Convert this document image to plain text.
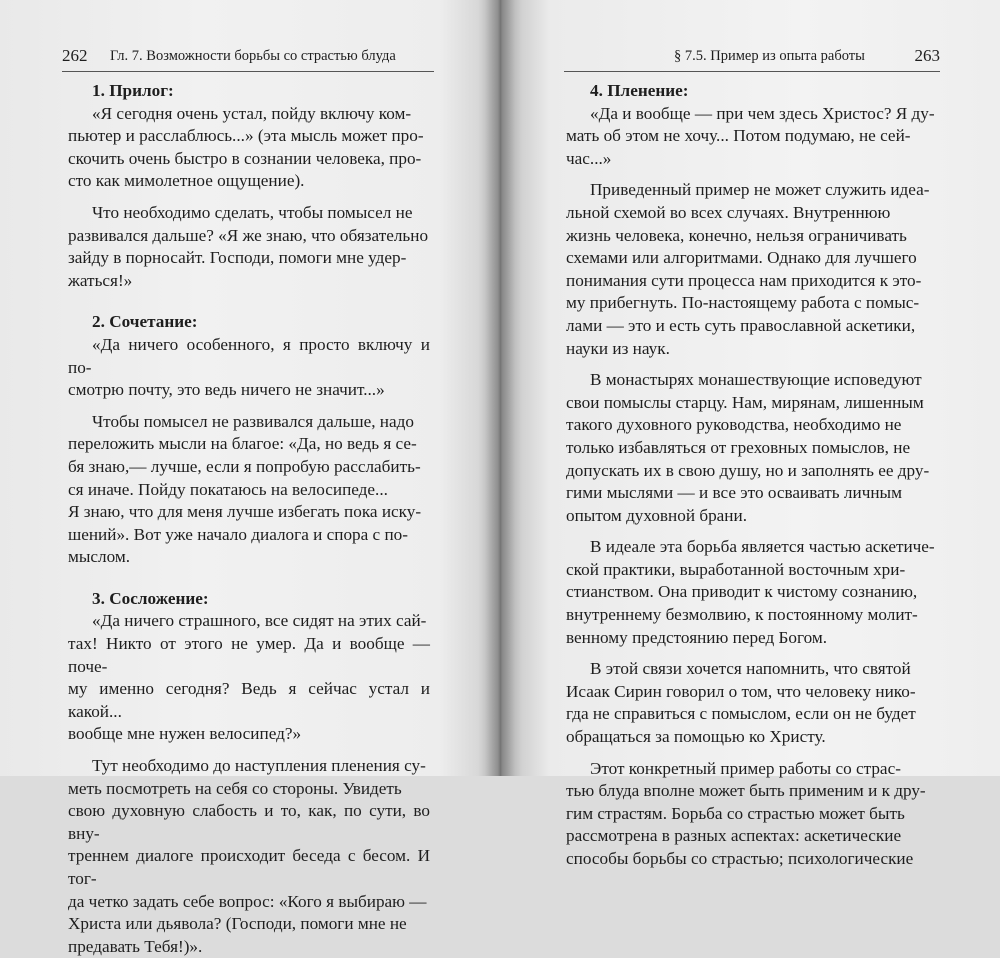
262 Гл. 7. Возможности борьбы со страстью блуда
1. Прилог:

«Я сегодня очень устал, пойду включу ком-
пьютер и расслаблюсь...» (эта мысль может про-
скочить очень быстро в сознании человека, про-
сто как мимолетное ощущение).

Что необходимо сделать, чтобы помысел не
развивался дальше? «Я же знаю, что обязательно
зайду в порносайт. Господи, помоги мне удер-
жаться!»

2. Сочетание:

«Да ничего особенного, я просто включу и по-
смотрю почту, это ведь ничего не значит...»

Чтобы помысел не развивался дальше, надо
переложить мысли на благое: «Да, но ведь я се-
бя знаю,— лучше, если я попробую расслабить-
ся иначе. Пойду покатаюсь на велосипеде...
Я знаю, что для меня лучше избегать пока иску-
шений». Вот уже начало диалога и спора с по-
мыслом.

3. Сосложение:

«Да ничего страшного, все сидят на этих сай-
тах! Никто от этого не умер. Да и вообще — поче-
му именно сегодня? Ведь я сейчас устал и какой...
вообще мне нужен велосипед?»

Тут необходимо до наступления пленения су-
меть посмотреть на себя со стороны. Увидеть
свою духовную слабость и то, как, по сути, во вну-
треннем диалоге происходит беседа с бесом. И тог-
да четко задать себе вопрос: «Кого я выбираю —
Христа или дьявола? (Господи, помоги мне не
предавать Тебя!)».

§ 7.5. Пример из опыта работы	263
4. Пленение:

«Да и вообще — при чем здесь Христос? Я ду-
мать об этом не хочу... Потом подумаю, не сей-
час...»

Приведенный пример не может служить идеа-
льной схемой во всех случаях. Внутреннюю
жизнь человека, конечно, нельзя ограничивать
схемами или алгоритмами. Однако для лучшего
понимания сути процесса нам приходится к это-
му прибегнуть. По-настоящему работа с помыс-
лами — это и есть суть православной аскетики,
науки из наук.

В монастырях монашествующие исповедуют
свои помыслы старцу. Нам, мирянам, лишенным
такого духовного руководства, необходимо не
только избавляться от греховных помыслов, не
допускать их в свою душу, но и заполнять ее дру-
гими мыслями — и все это осваивать личным
опытом духовной брани.

В идеале эта борьба является частью аскетиче-
ской практики, выработанной восточным хри-
стианством. Она приводит к чистому сознанию,
внутреннему безмолвию, к постоянному молит-
венному предстоянию перед Богом.

В этой связи хочется напомнить, что святой
Исаак Сирин говорил о том, что человеку нико-
гда не справиться с помыслом, если он не будет
обращаться за помощью ко Христу.

Этот конкретный пример работы со страс-
тью блуда вполне может быть применим и к дру-
гим страстям. Борьба со страстью может быть
рассмотрена в разных аспектах: аскетические
способы борьбы со страстью; психологические
